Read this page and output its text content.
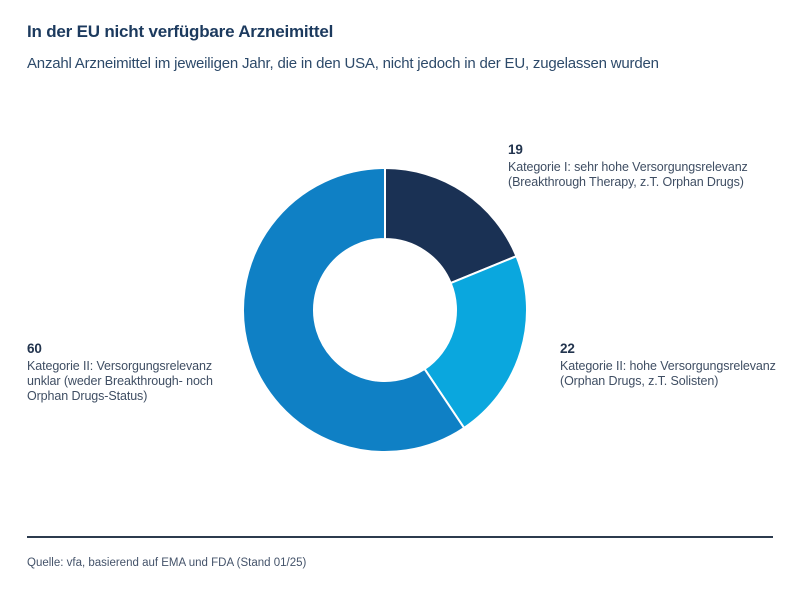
In der EU nicht verfügbare Arzneimittel
Anzahl Arzneimittel im jeweiligen Jahr, die in den USA, nicht jedoch in der EU, zugelassen wurden
19
Kategorie I: sehr hohe Versorgungsrelevanz
(Breakthrough Therapy, z.T. Orphan Drugs)
22
Kategorie II: hohe Versorgungsrelevanz
(Orphan Drugs, z.T. Solisten)
60
Kategorie II: Versorgungsrelevanz unklar (weder Breakthrough- noch Orphan Drugs-Status)
Quelle: vfa, basierend auf EMA und FDA (Stand 01/25)
